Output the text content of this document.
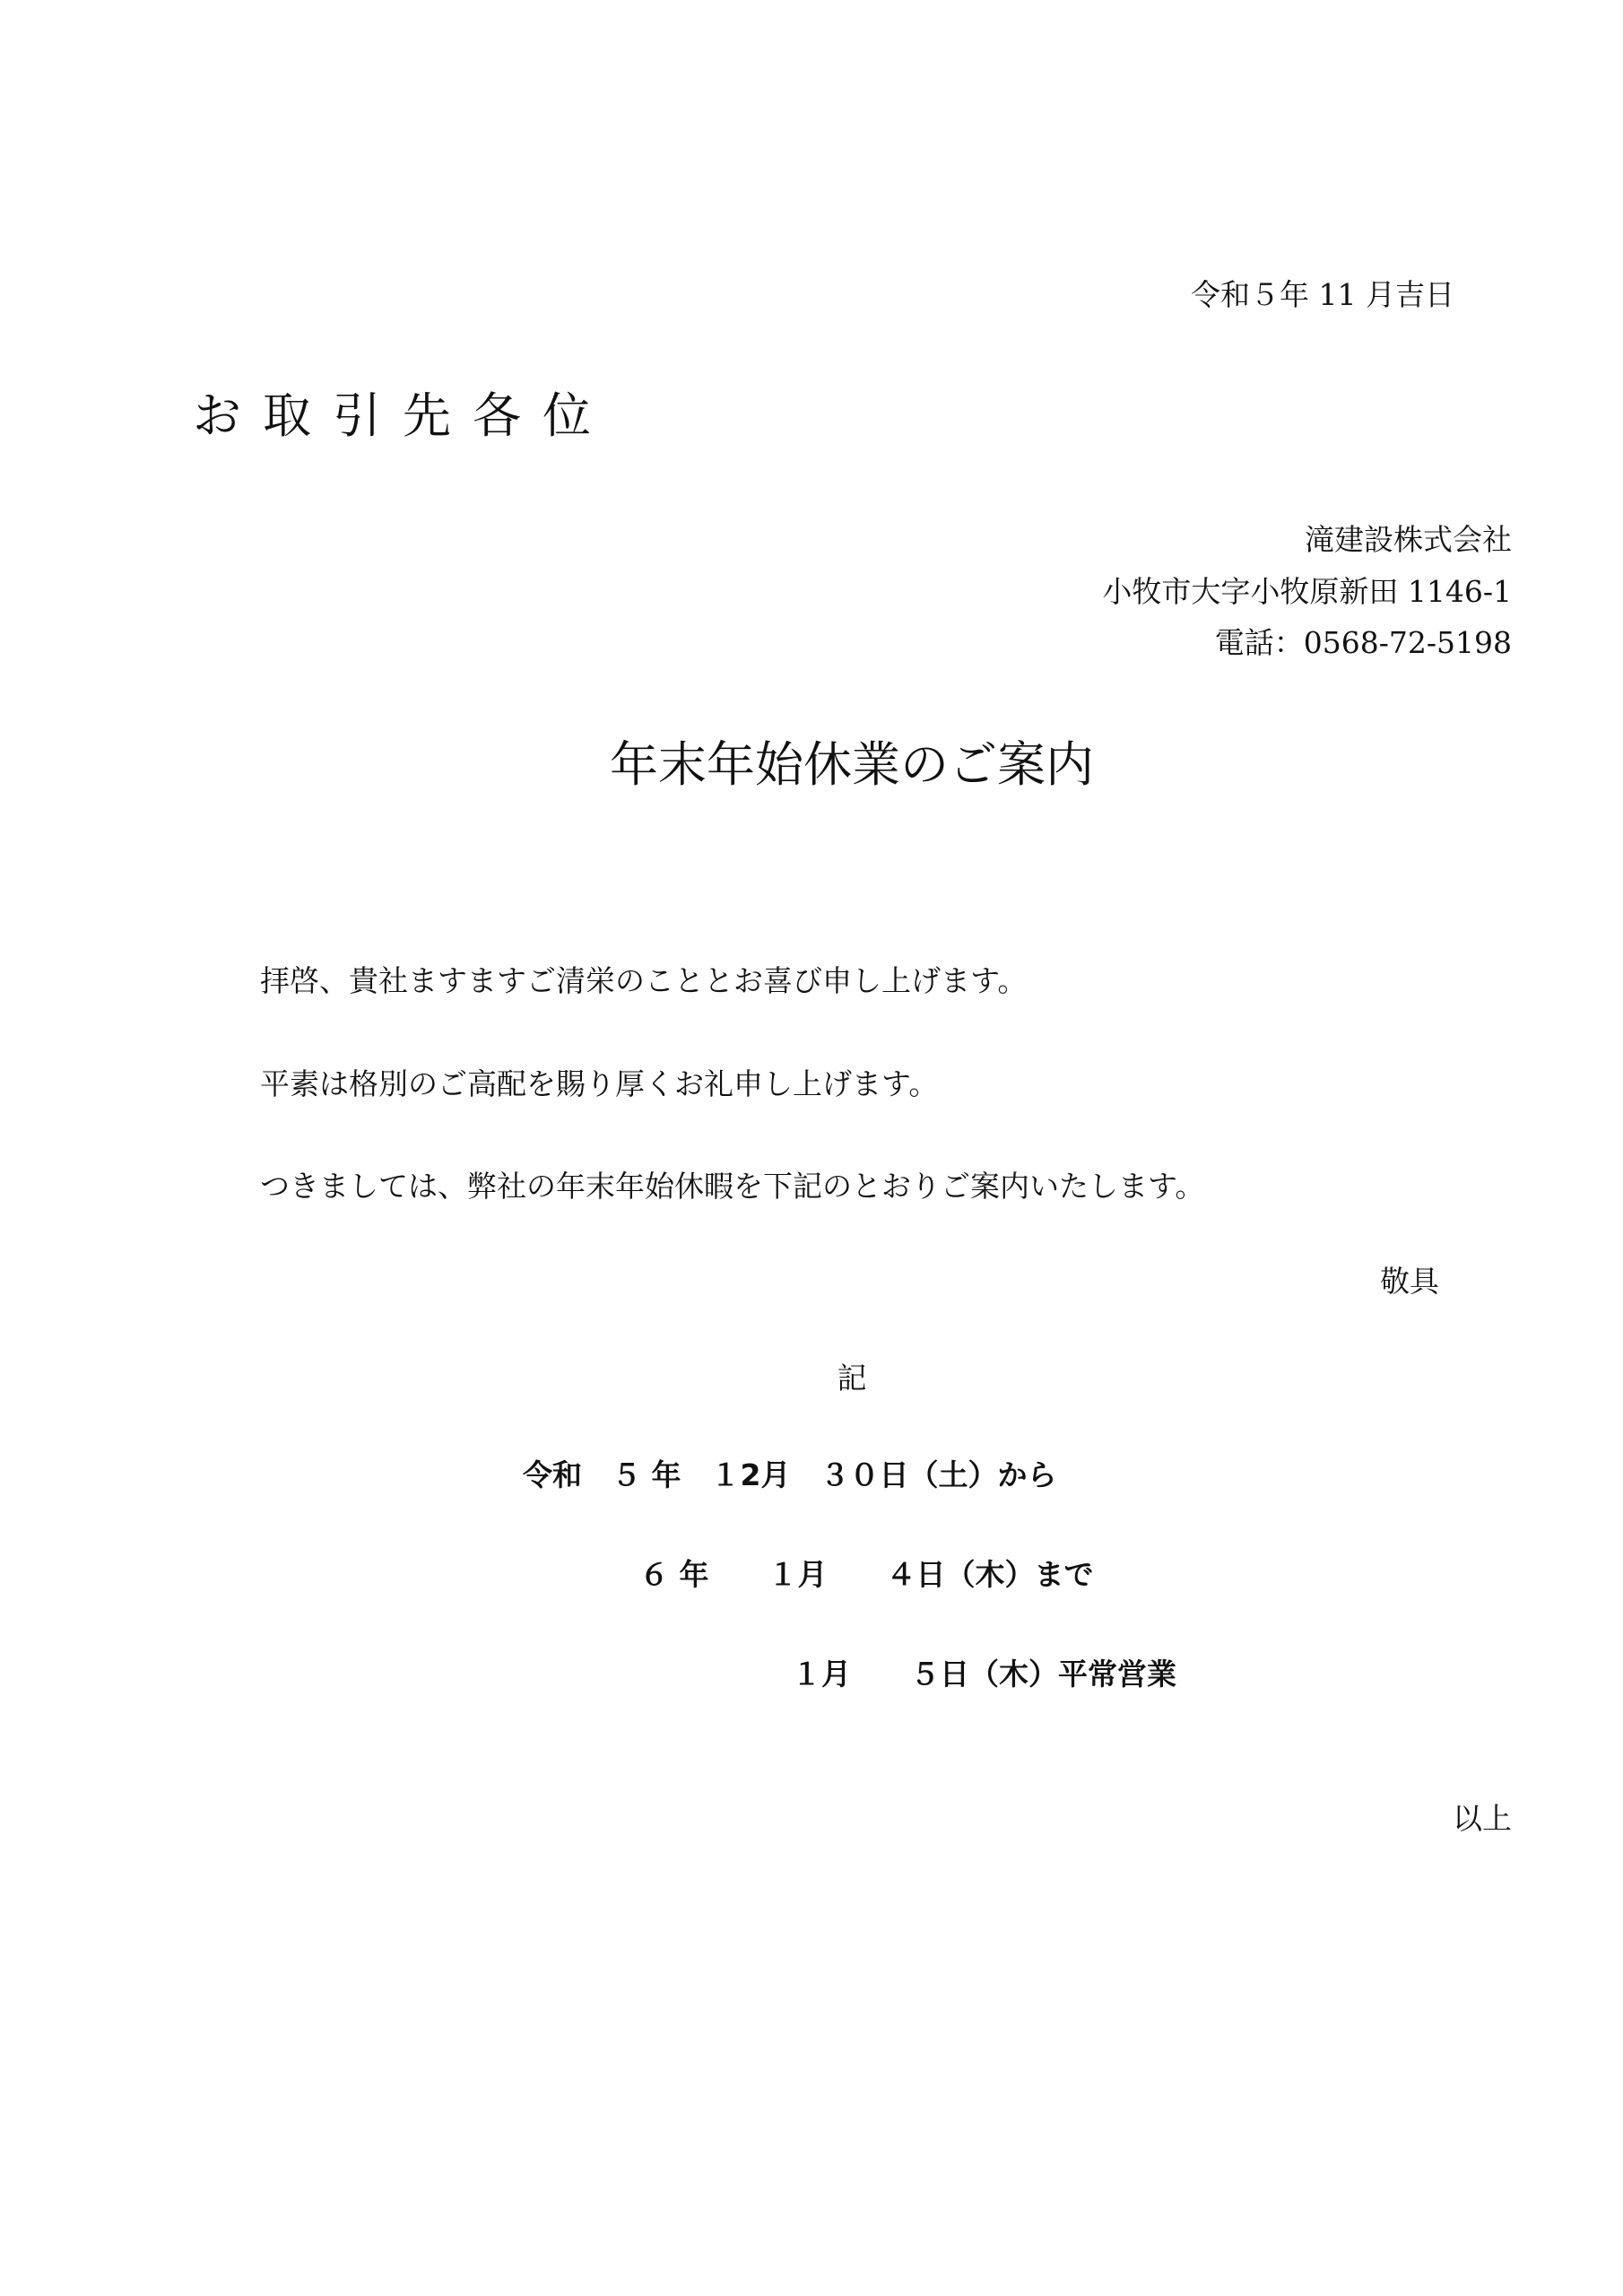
令和５年 11 月吉日
お取引先各位
滝建設株式会社
小牧市大字小牧原新田 1146-1
電話：0568-72-5198
年末年始休業のご案内
拝啓、貴社ますますご清栄のこととお喜び申し上げます。
平素は格別のご高配を賜り厚くお礼申し上げます。
つきましては、弊社の年末年始休暇を下記のとおりご案内いたします。
敬具
記
令和　５ 年　１2月　３０日（土）から
６ 年　　１月　　４日（木）まで
１月　　５日（木）平常営業
以上
